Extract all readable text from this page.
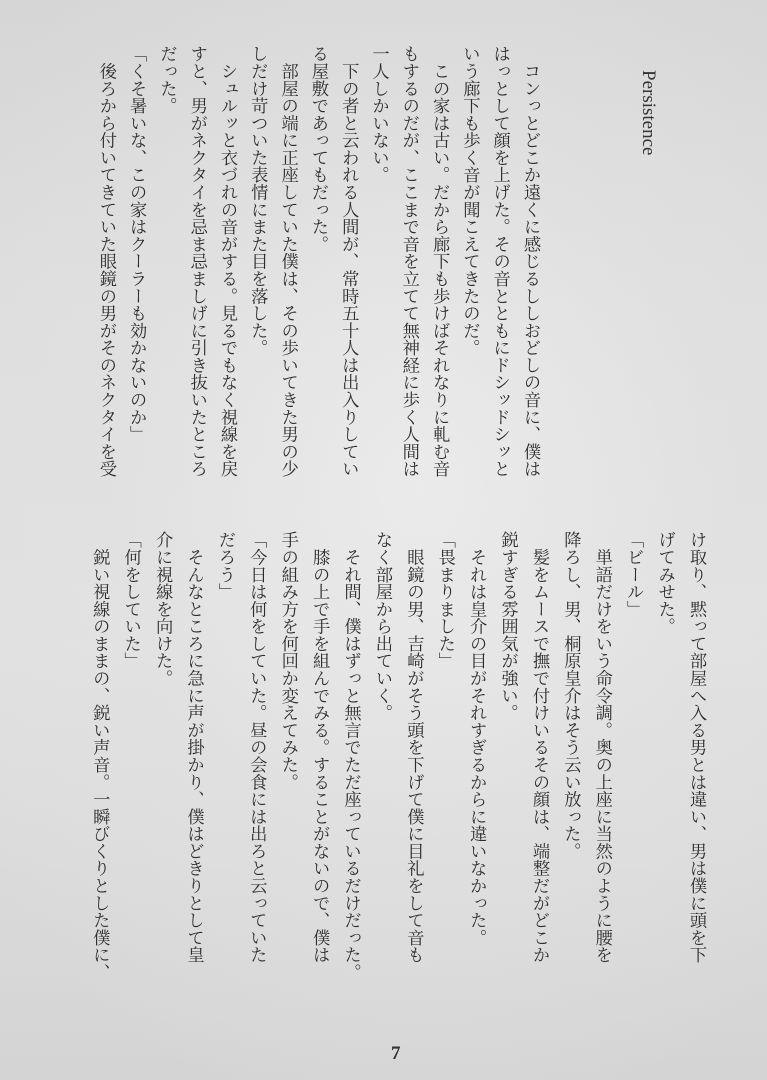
Persistence
　コンっとどこか遠くに感じるししおどしの音に、僕は
はっとして顔を上げた。その音とともにドシッドシッと
いう廊下も歩く音が聞こえてきたのだ。
　この家は古い。だから廊下も歩けばそれなりに軋む音
もするのだが、ここまで音を立てて無神経に歩く人間は
一人しかいない。
　下の者と云われる人間が、常時五十人は出入りしてい
る屋敷であってもだった。
　部屋の端に正座していた僕は、その歩いてきた男の少
しだけ苛ついた表情にまた目を落した。
　シュルッと衣づれの音がする。見るでもなく視線を戻
すと、男がネクタイを忌ま忌ましげに引き抜いたところ
だった。
「くそ暑いな、この家はクーラーも効かないのか」
　後ろから付いてきていた眼鏡の男がそのネクタイを受
け取り、黙って部屋へ入る男とは違い、男は僕に頭を下
げてみせた。
「ビール」
　単語だけをいう命令調。奥の上座に当然のように腰を
降ろし、男、桐原皇介はそう云い放った。
　髪をムースで撫で付けいるその顔は、端整だがどこか
鋭すぎる雰囲気が強い。
　それは皇介の目がそれすぎるからに違いなかった。
「畏まりました」
　眼鏡の男、吉崎がそう頭を下げて僕に目礼をして音も
なく部屋から出ていく。
　それ間、僕はずっと無言でただ座っているだけだった。
　膝の上で手を組んでみる。することがないので、僕は
手の組み方を何回か変えてみた。
「今日は何をしていた。昼の会食には出ろと云っていた
だろう」
　そんなところに急に声が掛かり、僕はどきりとして皇
介に視線を向けた。
「何をしていた」
　鋭い視線のままの、鋭い声音。一瞬びくりとした僕に、
7
